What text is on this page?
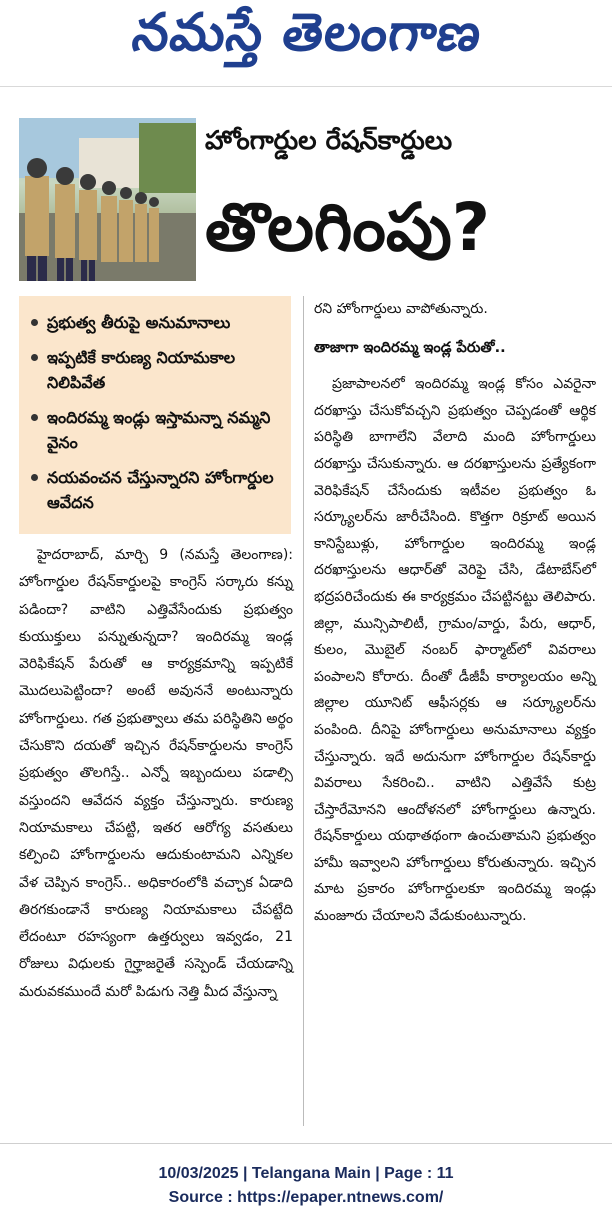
నమస్తే తెలంగాణ
హోంగార్డుల రేషన్‌కార్డులు
తొలగింపు?
ప్రభుత్వ తీరుపై అనుమానాలు
ఇప్పటికే కారుణ్య నియామకాల నిలిపివేత
ఇందిరమ్మ ఇండ్లు ఇస్తామన్నా నమ్మని వైనం
నయవంచన చేస్తున్నారని హోంగార్డుల ఆవేదన

హైదరాబాద్‌, మార్చి 9 (నమస్తే తెలంగాణ): హోంగార్డుల రేషన్‌కార్డులపై కాంగ్రెస్‌ సర్కారు కన్ను పడిందా? వాటిని ఎత్తివేసేందుకు ప్రభుత్వం కుయుక్తులు పన్నుతున్నదా? ఇందిరమ్మ ఇండ్ల వెరిఫికేషన్‌ పేరుతో ఆ కార్యక్రమాన్ని ఇప్పటికే మొదలుపెట్టిందా? అంటే అవుననే అంటున్నారు హోంగార్డులు. గత ప్రభుత్వాలు తమ పరిస్థితిని అర్థం చేసుకొని దయతో ఇచ్చిన రేషన్‌కార్డులను కాంగ్రెస్‌ ప్రభుత్వం తొలగిస్తే.. ఎన్నో ఇబ్బందులు పడాల్సి వస్తుందని ఆవేదన వ్యక్తం చేస్తున్నారు. కారుణ్య నియామకాలు చేపట్టి, ఇతర ఆరోగ్య వసతులు కల్పించి హోంగార్డులను ఆదుకుంటామని ఎన్నికల వేళ చెప్పిన కాంగ్రెస్‌.. అధికారంలోకి వచ్చాక ఏడాది తిరగకుండానే కారుణ్య నియామకాలు చేపట్టేది లేదంటూ రహస్యంగా ఉత్తర్వులు ఇవ్వడం, 21 రోజులు విధులకు గైర్హాజరైతే సస్పెండ్‌ చేయడాన్ని మరువకముందే మరో పిడుగు నెత్తి మీద వేస్తున్నా

రని హోంగార్డులు వాపోతున్నారు.

తాజాగా ఇందిరమ్మ ఇండ్ల పేరుతో..

ప్రజాపాలనలో ఇందిరమ్మ ఇండ్ల కోసం ఎవరైనా దరఖాస్తు చేసుకోవచ్చని ప్రభుత్వం చెప్పడంతో ఆర్థిక పరిస్థితి బాగాలేని వేలాది మంది హోంగార్డులు దరఖాస్తు చేసుకున్నారు. ఆ దరఖాస్తులను ప్రత్యేకంగా వెరిఫికేషన్‌ చేసేందుకు ఇటీవల ప్రభుత్వం ఓ సర్క్యూలర్‌ను జారీచేసింది. కొత్తగా రిక్రూట్‌ అయిన కానిస్టేబుళ్లు, హోంగార్డుల ఇందిరమ్మ ఇండ్ల దరఖాస్తులను ఆధార్‌తో వెరిఫై చేసి, డేటాబేస్‌లో భద్రపరిచేందుకు ఈ కార్యక్రమం చేపట్టినట్టు తెలిపారు. జిల్లా, మున్సిపాలిటీ, గ్రామం/వార్డు, పేరు, ఆధార్‌, కులం, మొబైల్‌ నంబర్‌ ఫార్మాట్‌లో వివరాలు పంపాలని కోరారు. దీంతో డీజీపీ కార్యాలయం అన్ని జిల్లాల యూనిట్‌ ఆఫీసర్లకు ఆ సర్క్యూలర్‌ను పంపింది. దీనిపై హోంగార్డులు అనుమానాలు వ్యక్తం చేస్తున్నారు. ఇదే అదునుగా హోంగార్డుల రేషన్‌కార్డు వివరాలు సేకరించి.. వాటిని ఎత్తివేసే కుట్ర చేస్తారేమోనని ఆందోళనలో హోంగార్డులు ఉన్నారు. రేషన్‌కార్డులు యథాతథంగా ఉంచుతామని ప్రభుత్వం హామీ ఇవ్వాలని హోంగార్డులు కోరుతున్నారు. ఇచ్చిన మాట ప్రకారం హోంగార్డులకూ ఇందిరమ్మ ఇండ్లు మంజూరు చేయాలని వేడుకుంటున్నారు.

10/03/2025 | Telangana Main | Page : 11
Source : https://epaper.ntnews.com/
